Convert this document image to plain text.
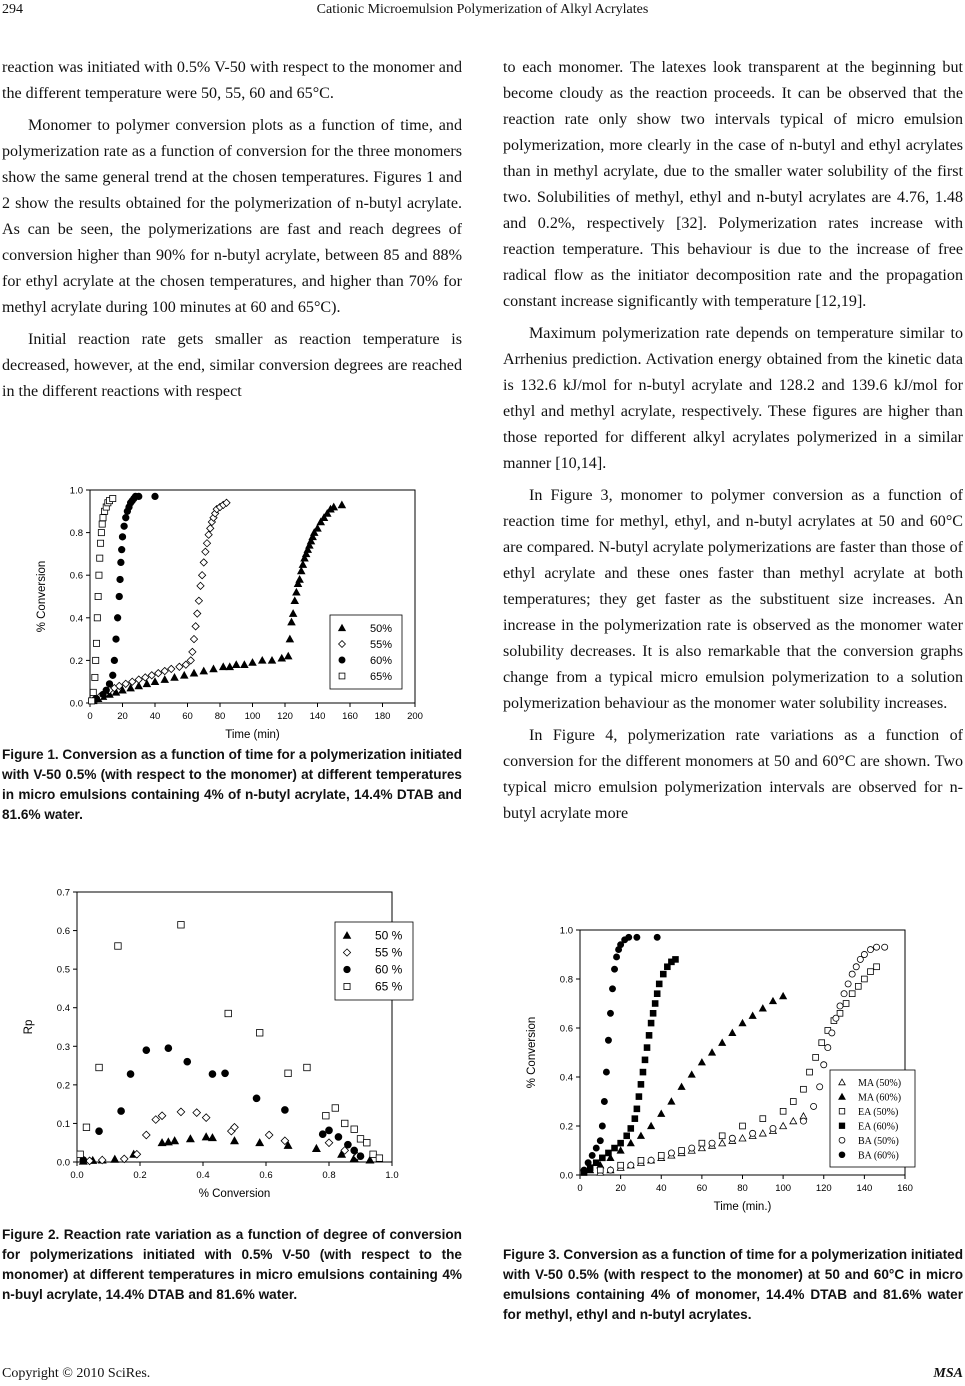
294	Cationic Microemulsion Polymerization of Alkyl Acrylates

reaction was initiated with 0.5% V-50 with respect to the monomer and the different temperature were 50, 55, 60 and 65°C.

Monomer to polymer conversion plots as a function of time, and polymerization rate as a function of conversion for the three monomers show the same general trend at the chosen temperatures. Figures 1 and 2 show the results obtained for the polymerization of n-butyl acrylate. As can be seen, the polymerizations are fast and reach degrees of conversion higher than 90% for n-butyl acrylate, between 85 and 88% for ethyl acrylate at the chosen temperatures, and higher than 70% for methyl acrylate during 100 minutes at 60 and 65°C).

Initial reaction rate gets smaller as reaction temperature is decreased, however, at the end, similar conversion degrees are reached in the different reactions with respect

to each monomer. The latexes look transparent at the beginning but become cloudy as the reaction proceeds. It can be observed that the reaction rate only show two intervals typical of micro emulsion polymerization, more clearly in the case of n-butyl and ethyl acrylates than in methyl acrylate, due to the smaller water solubility of the first two. Solubilities of methyl, ethyl and n-butyl acrylates are 4.76, 1.48 and 0.2%, respectively [32]. Polymerization rates increase with reaction temperature. This behaviour is due to the increase of free radical flow as the initiator decomposition rate and the propagation constant increase significantly with temperature [12,19].

Maximum polymerization rate depends on temperature similar to Arrhenius prediction. Activation energy obtained from the kinetic data is 132.6 kJ/mol for n-butyl acrylate and 128.2 and 139.6 kJ/mol for ethyl and methyl acrylate, respectively. These figures are higher than those reported for different alkyl acrylates polymerized in a similar manner [10,14].

In Figure 3, monomer to polymer conversion as a function of reaction time for methyl, ethyl, and n-butyl acrylates at 50 and 60°C are compared. N-butyl acrylate polymerizations are faster than those of ethyl acrylate and these ones faster than methyl acrylate at both temperatures; they get faster as the substituent size increases. An increase in the polymerization rate is observed as the monomer water solubility decreases. It is also remarkable that the conversion graphs change from a typical micro emulsion polymerization to a solution polymerization behaviour as the monomer water solubility increases.

In Figure 4, polymerization rate variations as a function of conversion for the different monomers at 50 and 60°C are shown. Two typical micro emulsion polymerization intervals are observed for n-butyl acrylate more

0	20 40 60 80 100 120 140 160 180 200
0.0
0.2
0.4
0.6
0.8
1.0
Time (min)
% Conversion	50%
55%
60%
65%
Figure 1. Conversion as a function of time for a polymerization initiated with V-50 0.5% (with respect to the monomer) at different temperatures in micro emulsions containing 4% of n-butyl acrylate, 14.4% DTAB and 81.6% water.
0.0	0.2	0.4	0.6	0.8	1.0
0.0
0.1
0.2
0.3
0.4
0.5
0.6
0.7
% Conversion
Rp
50 %
55 %
60 %
65 %
Figure 2. Reaction rate variation as a function of degree of conversion for polymerizations initiated with 0.5% V-50 (with respect to the monomer) at different temperatures in micro emulsions containing 4% n-buyl acrylate, 14.4% DTAB and 81.6% water.
0	20	40	60	80	100	120	140	160
0.0
0.2
0.4
0.6
0.8
1.0
Time (min.)
% Conversion	MA (50%)
MA (60%)
EA (50%)
EA (60%)
BA (50%)
BA (60%)
Figure 3. Conversion as a function of time for a polymerization initiated with V-50 0.5% (with respect to the monomer) at 50 and 60°C in micro emulsions containing 4% of monomer, 14.4% DTAB and 81.6% water for methyl, ethyl and n-butyl acrylates.
Copyright © 2010 SciRes.	MSA
